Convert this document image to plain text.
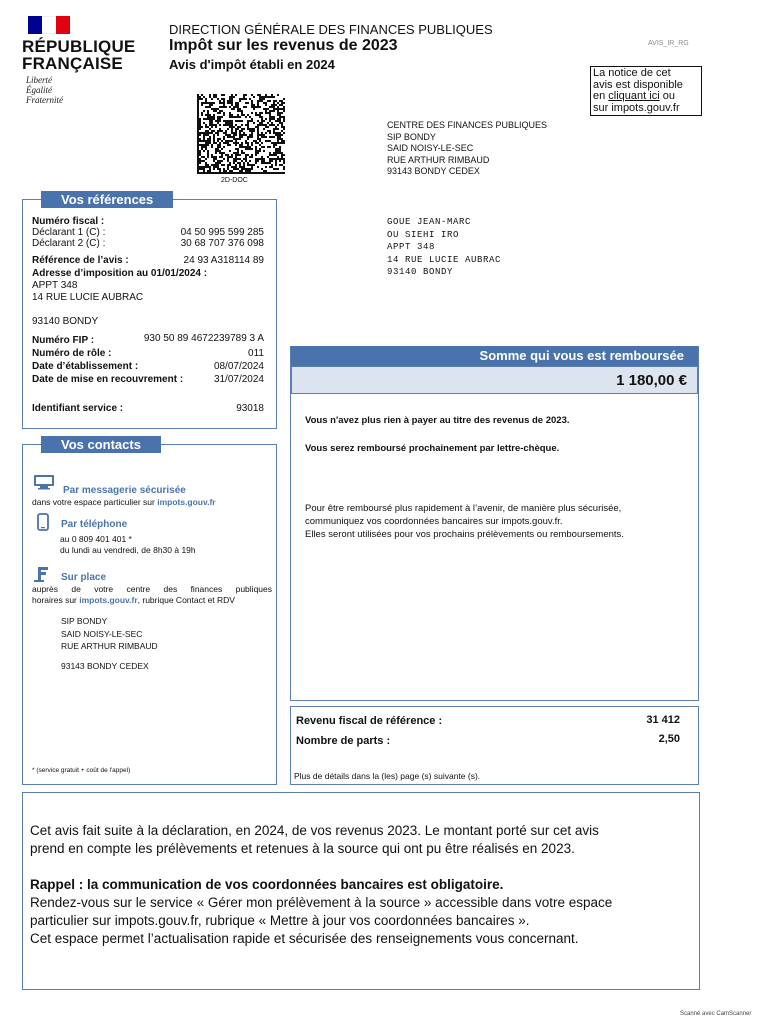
RÉPUBLIQUE
FRANÇAISE
Liberté
Égalité
Fraternité
DIRECTION GÉNÉRALE DES FINANCES PUBLIQUES
Impôt sur les revenus de 2023
Avis d'impôt établi en 2024
AVIS_IR_RG
La notice de cet
avis est disponible
en cliquant ici ou
sur impots.gouv.fr
2D-DOC
CENTRE DES FINANCES PUBLIQUES
SIP BONDY
SAID NOISY-LE-SEC
RUE ARTHUR RIMBAUD
93143 BONDY CEDEX
GOUE JEAN-MARC
OU SIEHI IRO
APPT 348
14 RUE LUCIE AUBRAC
93140 BONDY
Vos références
Numéro fiscal :
Déclarant 1 (C) :	04 50 995 599 285
Déclarant 2 (C) :	30 68 707 376 098
Référence de l’avis :	24 93 A318114 89
Adresse d’imposition au 01/01/2024 :
APPT 348
14 RUE LUCIE AUBRAC
93140 BONDY
Numéro FIP :	930 50 89 4672239789 3 A
Numéro de rôle :	011
Date d’établissement :	08/07/2024
Date de mise en recouvrement :	31/07/2024
Identifiant service :	93018
Vos contacts
Par messagerie sécurisée
dans votre espace particulier sur impots.gouv.fr
Par téléphone
au 0 809 401 401 *
du lundi au vendredi, de 8h30 à 19h
Sur place
auprès de votre centre des finances publiques
horaires sur impots.gouv.fr, rubrique Contact et RDV
SIP BONDY
SAID NOISY-LE-SEC
RUE ARTHUR RIMBAUD
93143 BONDY CEDEX
* (service gratuit + coût de l'appel)
Somme qui vous est remboursée
1 180,00 €
Vous n'avez plus rien à payer au titre des revenus de 2023.
Vous serez remboursé prochainement par lettre-chèque.
Pour être remboursé plus rapidement à l’avenir, de manière plus sécurisée,
communiquez vos coordonnées bancaires sur impots.gouv.fr.
Elles seront utilisées pour vos prochains prélèvements ou remboursements.
Revenu fiscal de référence :	31 412
Nombre de parts :	2,50
Plus de détails dans la (les) page (s) suivante (s).
Cet avis fait suite à la déclaration, en 2024, de vos revenus 2023. Le montant porté sur cet avis
prend en compte les prélèvements et retenues à la source qui ont pu être réalisés en 2023.
Rappel : la communication de vos coordonnées bancaires est obligatoire.
Rendez-vous sur le service « Gérer mon prélèvement à la source » accessible dans votre espace
particulier sur impots.gouv.fr, rubrique « Mettre à jour vos coordonnées bancaires ».
Cet espace permet l’actualisation rapide et sécurisée des renseignements vous concernant.
Scanné avec CamScanner
